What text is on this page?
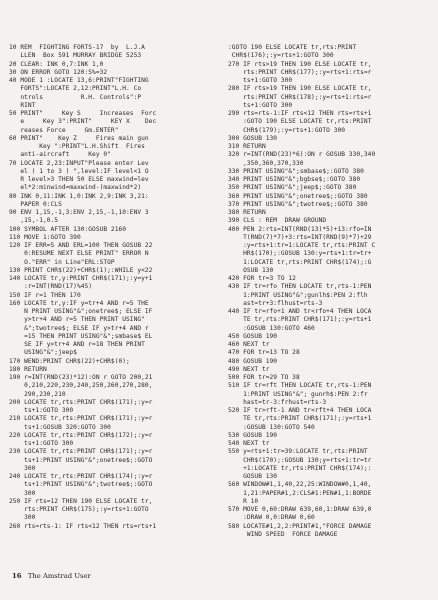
10 REM  FIGHTING FORTS-17  by  L.J.A
LLEN  Box 591 MURRAY BRIDGE 5253
20 CLEAR: INK 0,7:INK 1,0
30 ON ERROR GOTO 120:S%=32
40 MODE 1 :LOCATE 13,6:PRINT"FIGHTING
FORTS":LOCATE 2,12:PRINT"L.H. Co
ntrols          R.H. Controls":P
RINT
50 PRINT"     Key S     Increases  Forc
e     Key 3":PRINT"     KEY X    Dec
reases Force     Gm.ENTER"
60 PRINT"    Key Z     Fires main gun
Key ":PRINT"L.H.Shift  Fires
anti-aircraft     Key 0"
70 LOCATE 2,23:INPUT"Please enter Lev
el ( 1 to 3 ) ",level:IF level<1 O
R level>3 THEN 50 ELSE maxwind=lev
el*2:minwind=maxwind-(maxwind*2)
80 INK 0,11:INK 1,0:INK 2,9:INK 3,21:
PAPER 0:CLS
90 ENV 1,15,-1,3:ENV 2,15,-1,10:ENV 3
,15,-1,0.5
100 SYMBOL AFTER 130:GOSUB 2160
110 MOVE 1:GOTO 390
120 IF ERR=5 AND ERL=100 THEN GOSUB 22
0:RESUME NEXT ELSE PRINT" ERROR N
O."ERR" in Line"ERL:STOP
130 PRINT CHR$(22)+CHR$(1);:WHILE y<22
140 LOCATE tr,y:PRINT CHR$(171);:y=y+1
:r=INT(RND(17)%45)
150 IF r=1 THEN 170
160 LOCATE tr,y:IF y=tr+4 AND r=5 THE
N PRINT USING"&";onetree$; ELSE IF
y>tr+4 AND r=5 THEN PRINT USING"
&";twotree$; ELSE IF y>tr+4 AND r
=15 THEN PRINT USING"&";smbase$ EL
SE IF y>tr+4 AND r=18 THEN PRINT
USING"&";jeep$
170 WEND:PRINT CHR$(22)+CHR$(0);
180 RETURN
190 r=INT(RND(23)*12):ON r GOTO 200,21
0,210,220,230,240,250,260,270,280,
290,230,210
200 LOCATE tr,rts:PRINT CHR$(171);:y=r
ts+1:GOTO 300
210 LOCATE tr,rts:PRINT CHR$(171);:y=r
ts+1:GOSUB 320:GOTO 300
220 LOCATE tr,rts:PRINT CHR$(172);:y=r
ts+1:GOTO 300
230 LOCATE tr,rts:PRINT CHR$(171);:y=r
ts+1:PRINT USING"&";onetree$;:GOTO
300
240 LOCATE tr,rts:PRINT CHR$(174);:y=r
ts+1:PRINT USING"&";twotree$;:GOTO
300
250 IF rts=12 THEN 190 ELSE LOCATE tr,
rts:PRINT CHR$(175);:y=rts+1:GOTO
300
260 rts=rts-1: IF rts<12 THEN rts=rts+1
:GOTO 190 ELSE LOCATE tr,rts:PRINT
CHR$(176);:y=rts+1:GOTO 300
270 IF rts>19 THEN 190 ELSE LOCATE tr,
rts:PRINT CHR$(177);:y=rts+1:rts=r
ts+1:GOTO 300
280 IF rts>19 THEN 190 ELSE LOCATE tr,
rts:PRINT CHR$(178);:y=rts+1:rts=r
ts+1:GOTO 300
290 rts=rts-1:IF rts<12 THEN rts=rts+1
:GOTO 190 ELSE LOCATE tr,rts:PRINT
CHR$(179);:y=rts+1:GOTO 300
300 GOSUB 130
310 RETURN
320 r=INT(RND(23)*6):ON r GOSUB 330,340
,350,360,370,330
330 PRINT USING"&";smbase$;:GOTO 380
340 PRINT USING"&";bgbse$;:GOTO 380
350 PRINT USING"&";jeep$;:GOTO 380
360 PRINT USING"&";onetree$;:GOTO 380
370 PRINT USING"&";twotree$;:GOTO 380
380 RETURN
390 CLS : REM  DRAW GROUND
400 PEN 2:rts=INT(RND(13)*5)+13:rfo=IN
T(RND(7)*7)+3:rts=INT(RND(9)*7)+29
:y=rts+1:tr=1:LOCATE tr,rts:PRINT C
HR$(170);:GOSUB 130:y=rts+1:tr=tr+
1:LOCATE tr,rts:PRINT CHR$(174);:G
OSUB 130
420 FOR tr=3 TO 12
430 IF tr=rfo THEN LOCATE tr,rts-1:PEN
1:PRINT USING"&";gunlh$:PEN 2:flh
ast=tr+3:flhust=rts-3
440 IF tr=rfo+1 AND tr<rfo+4 THEN LOCA
TE tr,rts:PRINT CHR$(171);:y=rts+1
:GOSUB 130:GOTO 460
450 GOSUB 190
460 NEXT tr
470 FOR tr=13 TO 28
480 GOSUB 190
490 NEXT tr
500 FOR tr=29 TO 38
510 IF tr=rft THEN LOCATE tr,rts-1:PEN
1:PRINT USING"&"; gunrh$:PEN 2:fr
hast=tr-3:frhust=rts-3
520 IF tr>rft-1 AND tr<rft+4 THEN LOCA
TE tr,rts:PRINT CHR$(171);:y=rts+1
:GOSUB 130:GOTO 540
530 GOSUB 190
540 NEXT tr
550 y=rts+1:tr=39:LOCATE tr,rts:PRINT
CHR$(170);:GOSUB 130;y=rts+1:tr=tr
+1:LOCATE tr,rts:PRINT CHR$(174);:
GOSUB 130
560 WINDOW#1,1,40,22,25:WINDOW#0,1,40,
1,21:PAPER#1,2:CLS#1:PEN#1,1:BORDE
R 10
570 MOVE 0,60:DRAW 639,60,1:DRAW 639,0
:DRAW 0,0:DRAW 0,60
580 LOCATE#1,2,2:PRINT#1,"FORCE DAMAGE
WIND SPEED  FORCE DAMAGE
16 The Amstrad User
